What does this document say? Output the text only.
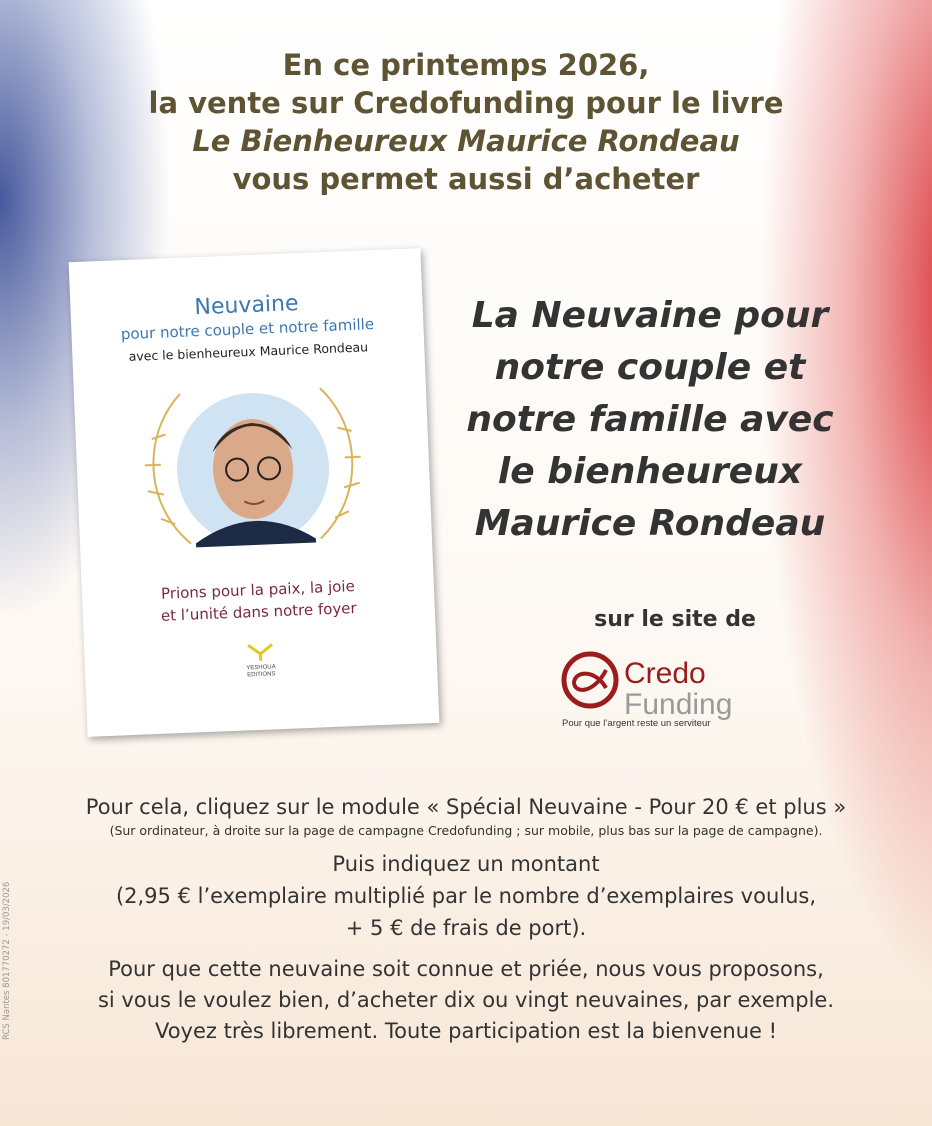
En ce printemps 2026,
la vente sur Credofunding pour le livre
Le Bienheureux Maurice Rondeau
vous permet aussi d’acheter
Neuvaine
pour notre couple et notre famille
avec le bienheureux Maurice Rondeau
Prions pour la paix, la joie
et l’unité dans notre foyer
YESHOUA EDITIONS
La Neuvaine pour
notre couple et
notre famille avec
le bienheureux
Maurice Rondeau
sur le site de
Credo
Funding
Pour que l’argent reste un serviteur
Pour cela, cliquez sur le module « Spécial Neuvaine - Pour 20 € et plus »
(Sur ordinateur, à droite sur la page de campagne Credofunding ; sur mobile, plus bas sur la page de campagne).
Puis indiquez un montant
(2,95 € l’exemplaire multiplié par le nombre d’exemplaires voulus,
+ 5 € de frais de port).
Pour que cette neuvaine soit connue et priée, nous vous proposons,
si vous le voulez bien, d’acheter dix ou vingt neuvaines, par exemple.
Voyez très librement. Toute participation est la bienvenue !
RCS Nantes 801770272 - 19/03/2026
